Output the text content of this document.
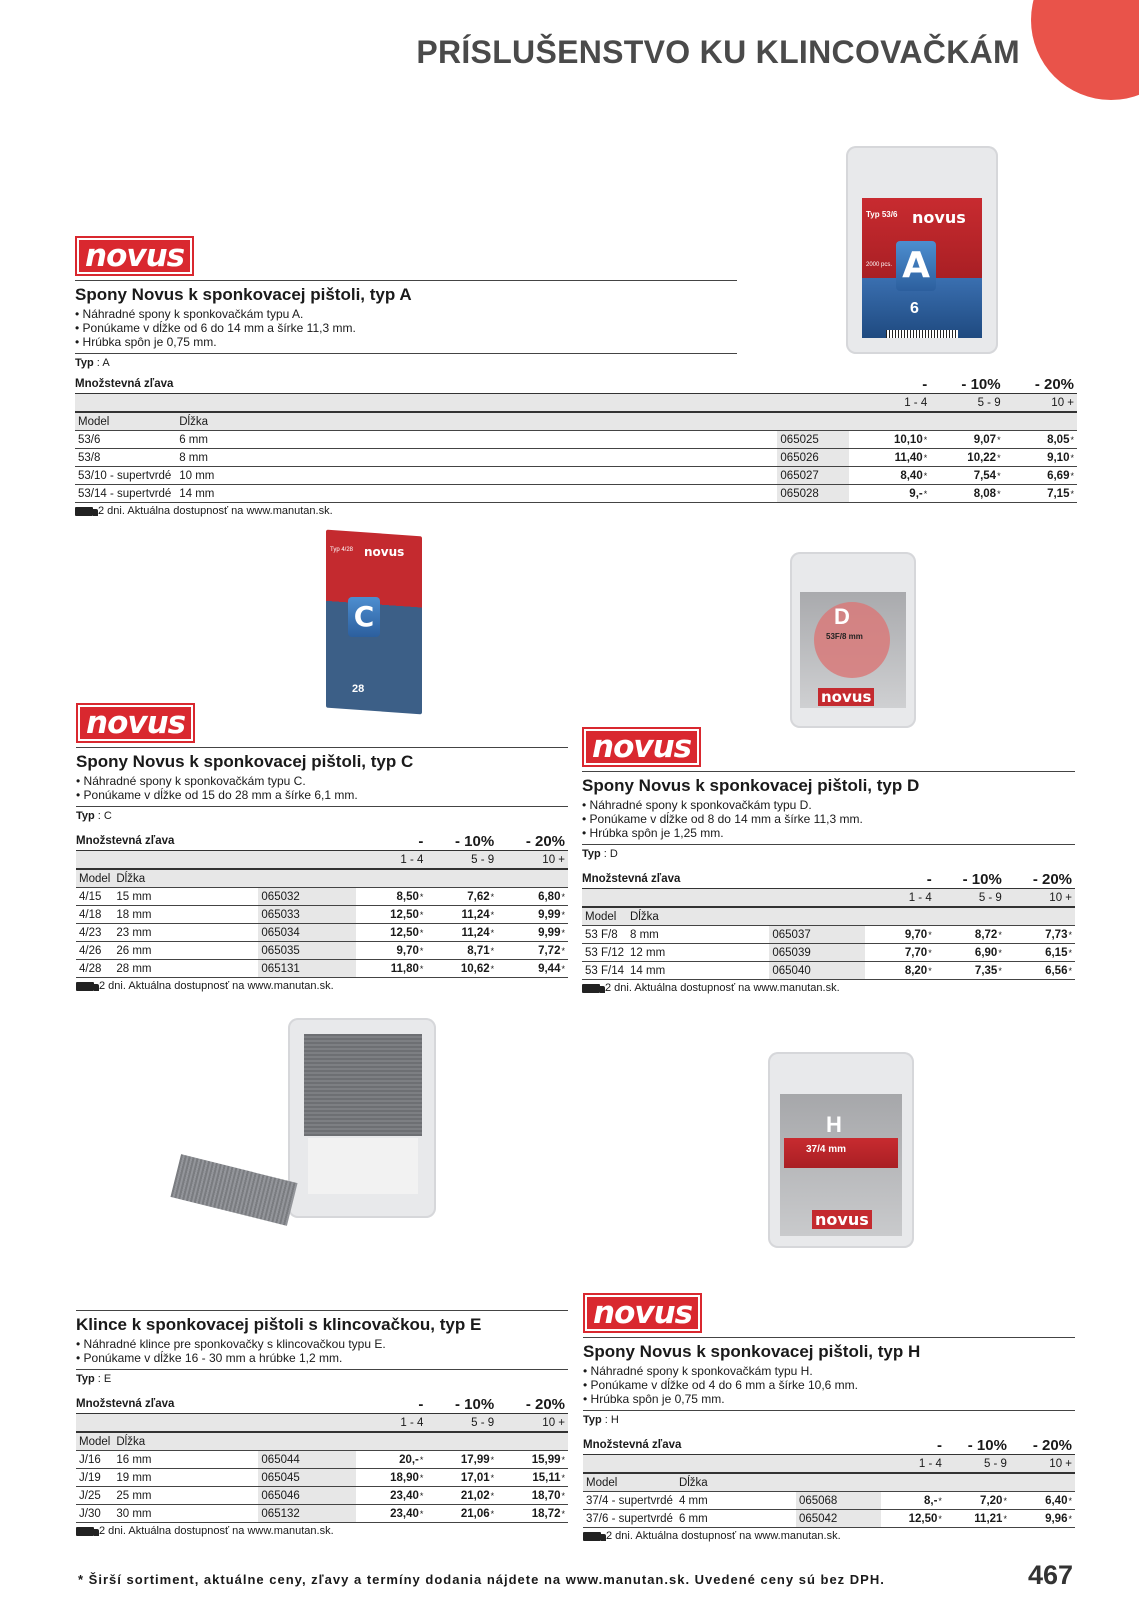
PRÍSLUŠENSTVO KU KLINCOVAČKÁM
Typ 53/6 novus
A
2000 pcs.
6
Typ 4/28 novus
C
28
D
53F/8 mm
novus
H
37/4 mm
novus
novus
Spony Novus k sponkovacej pištoli, typ A
• Náhradné spony k sponkovačkám typu A.
• Ponúkame v dĺžke od 6 do 14 mm a šírke 11,3 mm.
• Hrúbka spôn je 0,75 mm.
Typ : A
Množstevná zľava			-	- 10%	- 20%
			1 - 4	5 - 9	10 +
Model	Dĺžka				
53/6	6 mm	065025	10,10*	9,07*	8,05*
53/8	8 mm	065026	11,40*	10,22*	9,10*
53/10 - supertvrdé	10 mm	065027	8,40*	7,54*	6,69*
53/14 - supertvrdé	14 mm	065028	9,-*	8,08*	7,15*
2 dni. Aktuálna dostupnosť na www.manutan.sk.
novus
Spony Novus k sponkovacej pištoli, typ C
• Náhradné spony k sponkovačkám typu C.
• Ponúkame v dĺžke od 15 do 28 mm a šírke 6,1 mm.
Typ : C
Množstevná zľava			-	- 10%	- 20%
			1 - 4	5 - 9	10 +
Model	Dĺžka				
4/15	15 mm	065032	8,50*	7,62*	6,80*
4/18	18 mm	065033	12,50*	11,24*	9,99*
4/23	23 mm	065034	12,50*	11,24*	9,99*
4/26	26 mm	065035	9,70*	8,71*	7,72*
4/28	28 mm	065131	11,80*	10,62*	9,44*
2 dni. Aktuálna dostupnosť na www.manutan.sk.
novus
Spony Novus k sponkovacej pištoli, typ D
• Náhradné spony k sponkovačkám typu D.
• Ponúkame v dĺžke od 8 do 14 mm a šírke 11,3 mm.
• Hrúbka spôn je 1,25 mm.
Typ : D
Množstevná zľava			-	- 10%	- 20%
			1 - 4	5 - 9	10 +
Model	Dĺžka				
53 F/8	8 mm	065037	9,70*	8,72*	7,73*
53 F/12	12 mm	065039	7,70*	6,90*	6,15*
53 F/14	14 mm	065040	8,20*	7,35*	6,56*
2 dni. Aktuálna dostupnosť na www.manutan.sk.
Klince k sponkovacej pištoli s klincovačkou, typ E
• Náhradné klince pre sponkovačky s klincovačkou typu E.
• Ponúkame v dĺžke 16 - 30 mm a hrúbke 1,2 mm.
Typ : E
Množstevná zľava			-	- 10%	- 20%
			1 - 4	5 - 9	10 +
Model	Dĺžka				
J/16	16 mm	065044	20,-*	17,99*	15,99*
J/19	19 mm	065045	18,90*	17,01*	15,11*
J/25	25 mm	065046	23,40*	21,02*	18,70*
J/30	30 mm	065132	23,40*	21,06*	18,72*
2 dni. Aktuálna dostupnosť na www.manutan.sk.
novus
Spony Novus k sponkovacej pištoli, typ H
• Náhradné spony k sponkovačkám typu H.
• Ponúkame v dĺžke od 4 do 6 mm a šírke 10,6 mm.
• Hrúbka spôn je 0,75 mm.
Typ : H
Množstevná zľava			-	- 10%	- 20%
			1 - 4	5 - 9	10 +
Model	Dĺžka				
37/4 - supertvrdé	4 mm	065068	8,-*	7,20*	6,40*
37/6 - supertvrdé	6 mm	065042	12,50*	11,21*	9,96*
2 dni. Aktuálna dostupnosť na www.manutan.sk.
* Širší sortiment, aktuálne ceny, zľavy a termíny dodania nájdete na www.manutan.sk. Uvedené ceny sú bez DPH.	467
